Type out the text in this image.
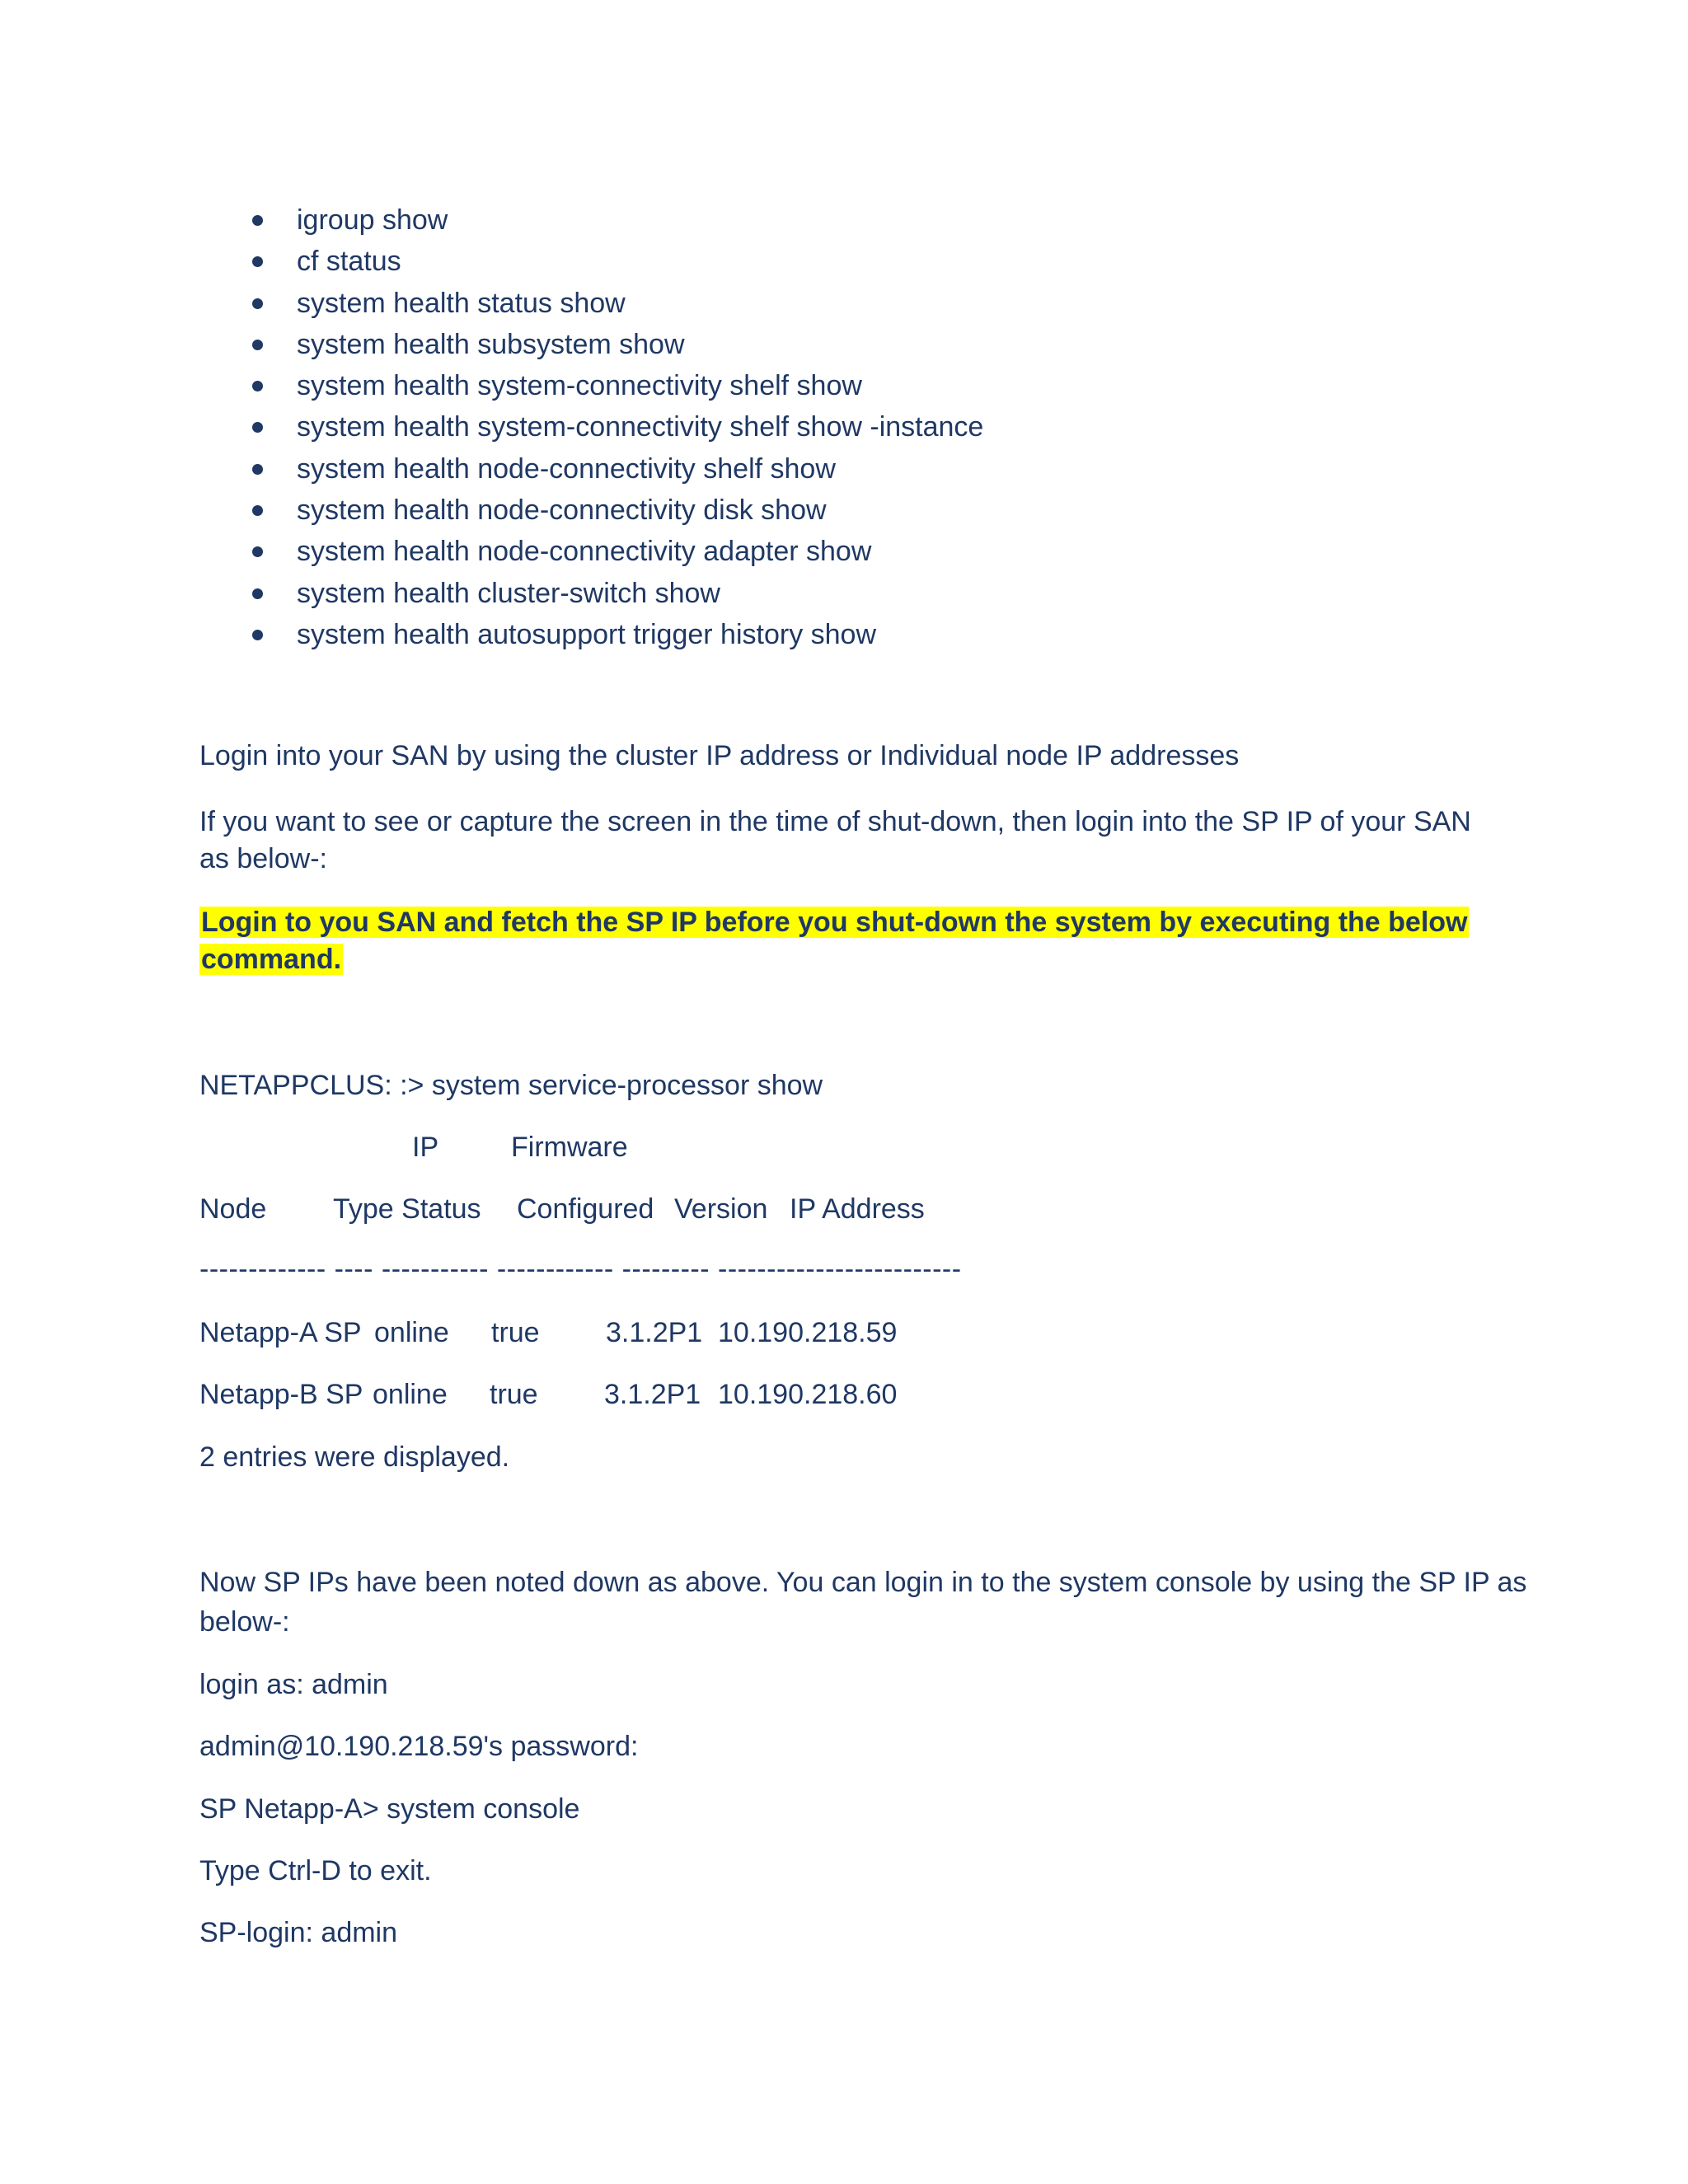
igroup show
cf status
system health status show
system health subsystem show
system health system-connectivity shelf show
system health system-connectivity shelf show -instance
system health node-connectivity shelf show
system health node-connectivity disk show
system health node-connectivity adapter show
system health cluster-switch show
system health autosupport trigger history show

Login into your SAN by using the cluster IP address or Individual node IP addresses

If you want to see or capture the screen in the time of shut-down, then login into the SP IP of your SAN

as below-:

Login to you SAN and fetch the SP IP before you shut-down the system by executing the below

command.

NETAPPCLUS: :> system service-processor show

IP	Firmware
Node Type Status Configured Version IP Address
------------- ---- ----------- ------------ --------- -------------------------
Netapp-A SP online true 3.1.2P1 10.190.218.59
Netapp-B SP online true 3.1.2P1 10.190.218.60

2 entries were displayed.

Now SP IPs have been noted down as above. You can login in to the system console by using the SP IP as

below-:

login as: admin

admin@10.190.218.59's password:

SP Netapp-A> system console

Type Ctrl-D to exit.

SP-login: admin
